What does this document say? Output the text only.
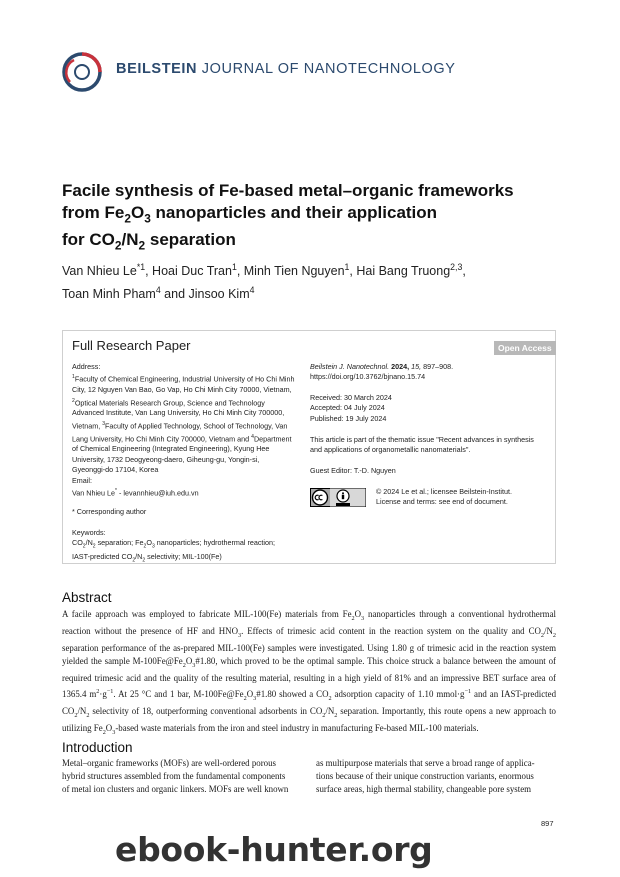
BEILSTEIN JOURNAL OF NANOTECHNOLOGY
Facile synthesis of Fe-based metal–organic frameworks
from $Fe_2O_3$ nanoparticles and their application
for $CO_2/N_2$ separation
Van Nhieu Le$^{*1}$, Hoai Duc Tran$^1$, Minh Tien Nguyen$^1$, Hai Bang Truong$^{2,3}$,
Toan Minh Pham$^4$ and Jinsoo Kim$^4$
Full Research Paper	Open Access
Address:
$^1$Faculty of Chemical Engineering, Industrial University of Ho Chi Minh
City, 12 Nguyen Van Bao, Go Vap, Ho Chi Minh City 70000, Vietnam,
$^2$Optical Materials Research Group, Science and Technology
Advanced Institute, Van Lang University, Ho Chi Minh City 700000,
Vietnam, $^3$Faculty of Applied Technology, School of Technology, Van
Lang University, Ho Chi Minh City 700000, Vietnam and $^4$Department
of Chemical Engineering (Integrated Engineering), Kyung Hee
University, 1732 Deogyeong-daero, Giheung-gu, Yongin-si,
Gyeonggi-do 17104, Korea
Email:
Van Nhieu Le* - levannhieu@iuh.edu.vn
* Corresponding author
Keywords:
$CO_2/N_2$ separation; $Fe_2O_3$ nanoparticles; hydrothermal reaction;
IAST-predicted $CO_2/N_2$ selectivity; MIL-100(Fe)
Beilstein J. Nanotechnol. 2024, 15, 897–908.
https://doi.org/10.3762/bjnano.15.74
Received: 30 March 2024
Accepted: 04 July 2024
Published: 19 July 2024
This article is part of the thematic issue "Recent advances in synthesis
and applications of organometallic nanomaterials".
Guest Editor: T.-D. Nguyen
© 2024 Le et al.; licensee Beilstein-Institut.
License and terms: see end of document.
Abstract
A facile approach was employed to fabricate MIL-100(Fe) materials from $Fe_2O_3$ nanoparticles through a conventional hydrothermal reaction without the presence of HF and $HNO_3$. Effects of trimesic acid content in the reaction system on the quality and $CO_2/N_2$ separation performance of the as-prepared MIL-100(Fe) samples were investigated. Using 1.80 g of trimesic acid in the reaction system yielded the sample $M-100Fe@Fe_2O_3\#1.80$, which proved to be the optimal sample. This choice struck a balance between the amount of required trimesic acid and the quality of the resulting material, resulting in a high yield of 81% and an impressive BET surface area of 1365.4 $m^2\cdot g^{-1}$. At 25 °C and 1 bar, $M-100Fe@Fe_2O_3\#1.80$ showed a $CO_2$ adsorption capacity of 1.10 $mmol\cdot g^{-1}$ and an IAST-predicted $CO_2/N_2$ selectivity of 18, outperforming conventional adsorbents in $CO_2/N_2$ separation. Importantly, this route opens a new approach to utilizing $Fe_2O_3$-based waste materials from the iron and steel industry in manufacturing Fe-based MIL-100 materials.
Introduction
Metal–organic frameworks (MOFs) are well-ordered porous
hybrid structures assembled from the fundamental components
of metal ion clusters and organic linkers. MOFs are well known
as multipurpose materials that serve a broad range of applica-
tions because of their unique construction variants, enormous
surface areas, high thermal stability, changeable pore system
897
ebook-hunter.org
